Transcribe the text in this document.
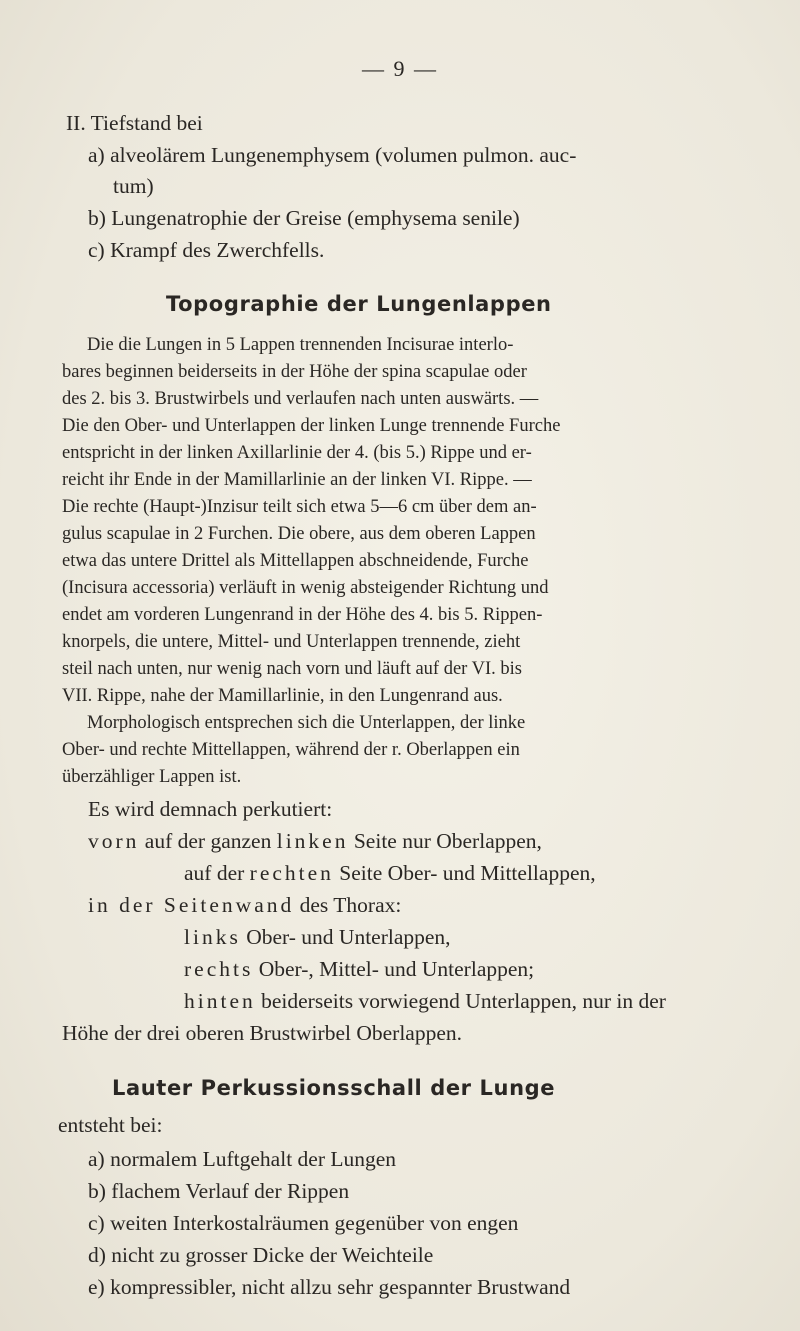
— 9 —
II. Tiefstand bei
a) alveolärem Lungenemphysem (volumen pulmon. auc-
tum)
b) Lungenatrophie der Greise (emphysema senile)
c) Krampf des Zwerchfells.
Topographie der Lungenlappen
Die die Lungen in 5 Lappen trennenden Incisurae interlo-
bares beginnen beiderseits in der Höhe der spina scapulae oder
des 2. bis 3. Brustwirbels und verlaufen nach unten auswärts. —
Die den Ober- und Unterlappen der linken Lunge trennende Furche
entspricht in der linken Axillarlinie der 4. (bis 5.) Rippe und er-
reicht ihr Ende in der Mamillarlinie an der linken VI. Rippe. —
Die rechte (Haupt-)Inzisur teilt sich etwa 5—6 cm über dem an-
gulus scapulae in 2 Furchen. Die obere, aus dem oberen Lappen
etwa das untere Drittel als Mittellappen abschneidende, Furche
(Incisura accessoria) verläuft in wenig absteigender Richtung und
endet am vorderen Lungenrand in der Höhe des 4. bis 5. Rippen-
knorpels, die untere, Mittel- und Unterlappen trennende, zieht
steil nach unten, nur wenig nach vorn und läuft auf der VI. bis
VII. Rippe, nahe der Mamillarlinie, in den Lungenrand aus.
Morphologisch entsprechen sich die Unterlappen, der linke
Ober- und rechte Mittellappen, während der r. Oberlappen ein
überzähliger Lappen ist.
Es wird demnach perkutiert:
vorn auf der ganzen linken Seite nur Oberlappen,
auf der rechten Seite Ober- und Mittellappen,
in der Seitenwand des Thorax:
links Ober- und Unterlappen,
rechts Ober-, Mittel- und Unterlappen;
hinten beiderseits vorwiegend Unterlappen, nur in der
Höhe der drei oberen Brustwirbel Oberlappen.
Lauter Perkussionsschall der Lunge
entsteht bei:
a) normalem Luftgehalt der Lungen
b) flachem Verlauf der Rippen
c) weiten Interkostalräumen gegenüber von engen
d) nicht zu grosser Dicke der Weichteile
e) kompressibler, nicht allzu sehr gespannter Brustwand
